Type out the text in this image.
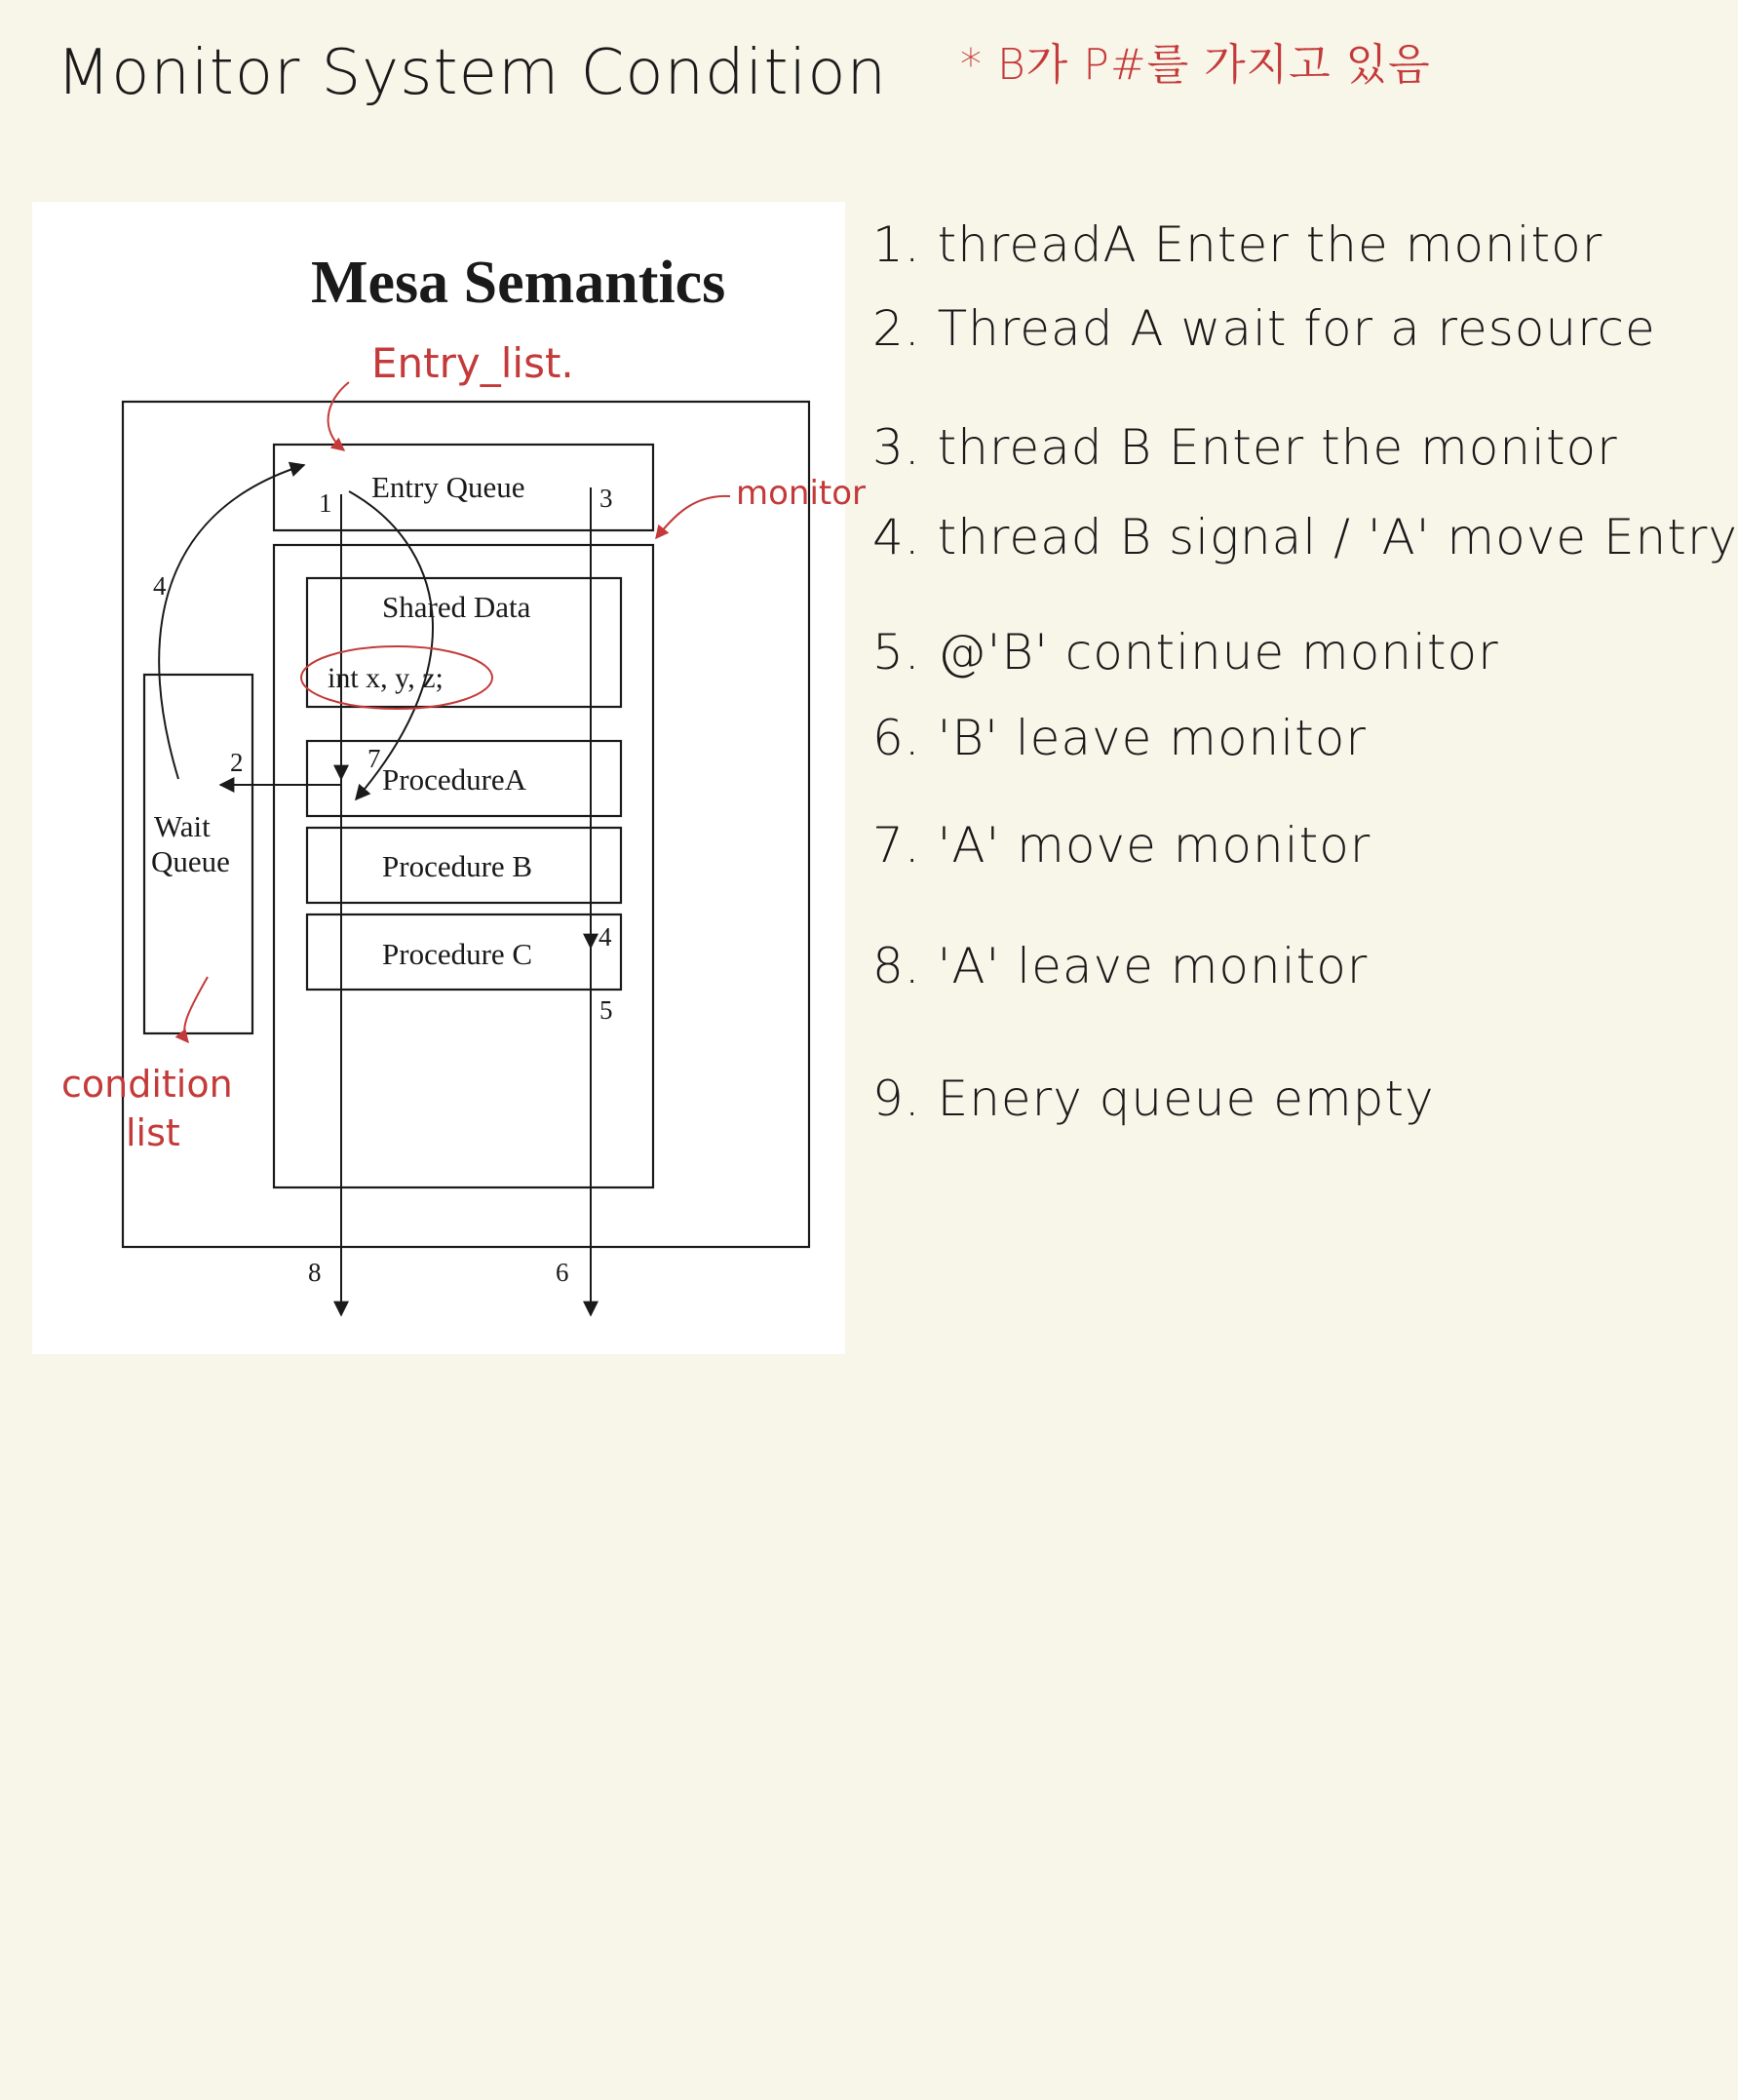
Monitor System Condition * B가 P#를 가지고 있음

Mesa Semantics
Entry Queue
Shared Data
int x, y, z;
ProcedureA
Procedure B
Procedure C
Wait
Queue
1
2
3
4
4
5
6
7
8
Entry_list.
monitor
condition
list

1. threadA Enter the monitor

2. Thread A wait for a resource

3. thread B Enter the monitor

4. thread B signal / 'A' move Entry

5. @'B' continue monitor

6. 'B' leave monitor

7. 'A' move monitor

8. 'A' leave monitor

9. Enery queue empty
